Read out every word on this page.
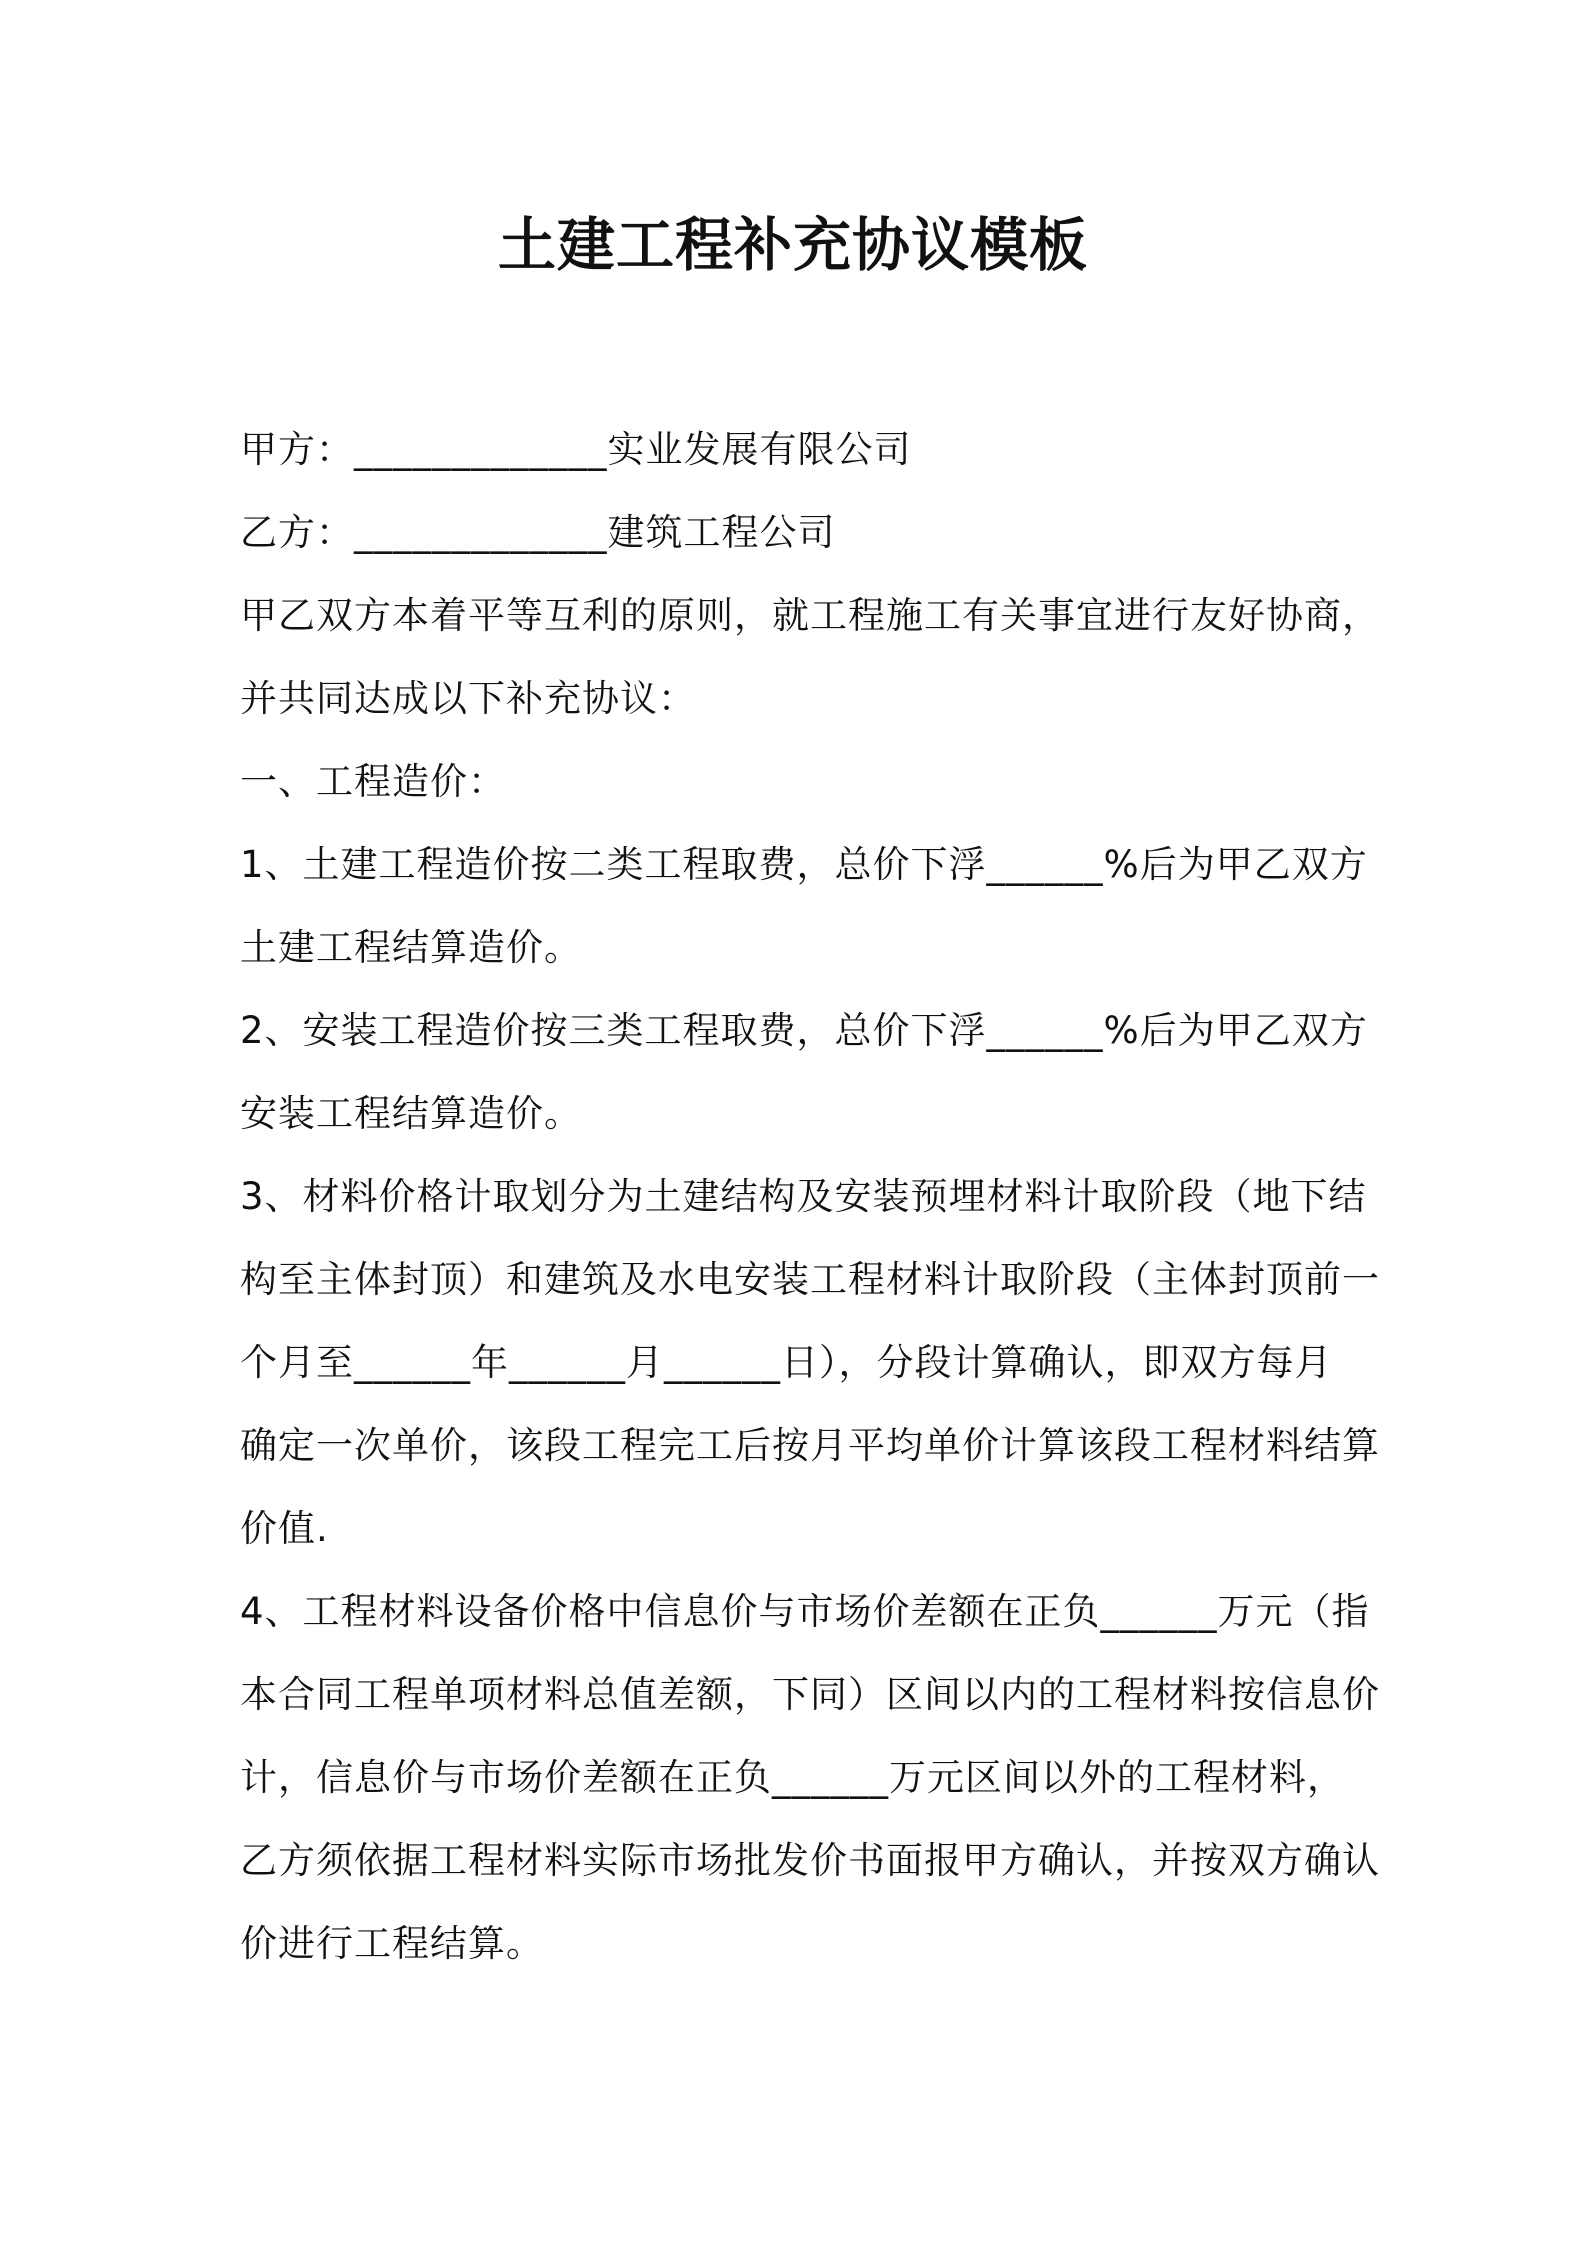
土建工程补充协议模板

甲方：_____________实业发展有限公司

乙方：_____________建筑工程公司

甲乙双方本着平等互利的原则，就工程施工有关事宜进行友好协商，

并共同达成以下补充协议：

一、工程造价：

1、土建工程造价按二类工程取费，总价下浮______%后为甲乙双方

土建工程结算造价。

2、安装工程造价按三类工程取费，总价下浮______%后为甲乙双方

安装工程结算造价。

3、材料价格计取划分为土建结构及安装预埋材料计取阶段（地下结

构至主体封顶）和建筑及水电安装工程材料计取阶段（主体封顶前一

个月至______年______月______日），分段计算确认，即双方每月

确定一次单价，该段工程完工后按月平均单价计算该段工程材料结算

价值.

4、工程材料设备价格中信息价与市场价差额在正负______万元（指

本合同工程单项材料总值差额，下同）区间以内的工程材料按信息价

计，信息价与市场价差额在正负______万元区间以外的工程材料，

乙方须依据工程材料实际市场批发价书面报甲方确认，并按双方确认

价进行工程结算。
